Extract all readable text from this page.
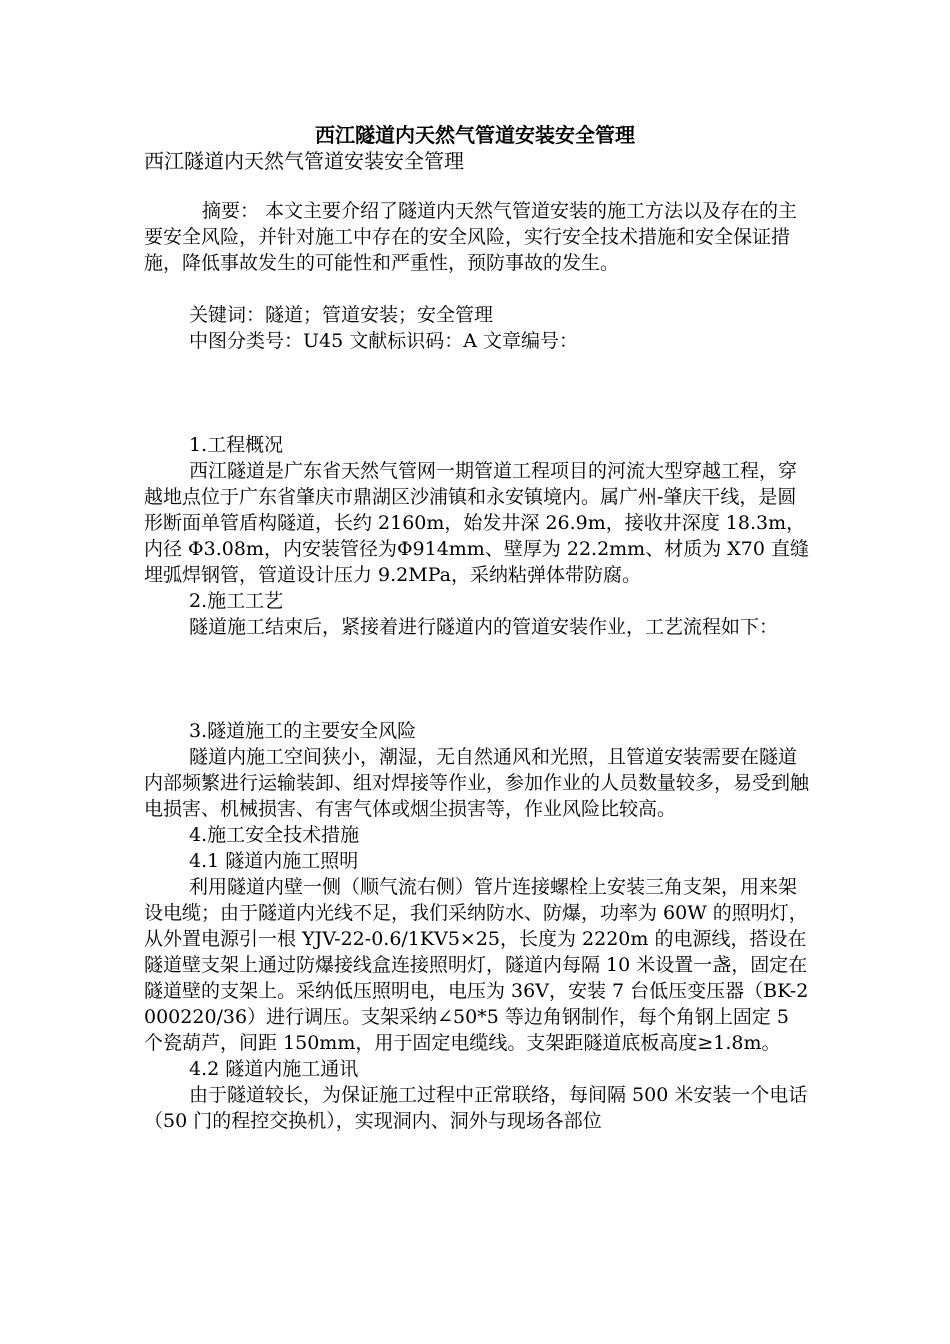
西江隧道内天然气管道安装安全管理
西江隧道内天然气管道安装安全管理

摘要： 本文主要介绍了隧道内天然气管道安装的施工方法以及存在的主要安全风险，并针对施工中存在的安全风险，实行安全技术措施和安全保证措施，降低事故发生的可能性和严重性，预防事故的发生。

关键词：隧道；管道安装；安全管理

中图分类号：U45 文献标识码：A 文章编号：

1.工程概况

西江隧道是广东省天然气管网一期管道工程项目的河流大型穿越工程，穿越地点位于广东省肇庆市鼎湖区沙浦镇和永安镇境内。属广州-肇庆干线，是圆形断面单管盾构隧道，长约 2160m，始发井深 26.9m，接收井深度 18.3m，内径 Φ3.08m，内安装管径为Φ914mm、壁厚为 22.2mm、材质为 X70 直缝埋弧焊钢管，管道设计压力 9.2MPa，采纳粘弹体带防腐。

2.施工工艺

隧道施工结束后，紧接着进行隧道内的管道安装作业，工艺流程如下：

3.隧道施工的主要安全风险

隧道内施工空间狭小，潮湿，无自然通风和光照，且管道安装需要在隧道内部频繁进行运输装卸、组对焊接等作业，参加作业的人员数量较多，易受到触电损害、机械损害、有害气体或烟尘损害等，作业风险比较高。

4.施工安全技术措施

4.1 隧道内施工照明

利用隧道内壁一侧（顺气流右侧）管片连接螺栓上安装三角支架，用来架设电缆；由于隧道内光线不足，我们采纳防水、防爆，功率为 60W 的照明灯，从外置电源引一根 YJV-22-0.6/1KV5×25，长度为 2220m 的电源线，搭设在隧道壁支架上通过防爆接线盒连接照明灯，隧道内每隔 10 米设置一盏，固定在隧道壁的支架上。采纳低压照明电，电压为 36V，安装 7 台低压变压器（BK-2000220/36）进行调压。支架采纳∠50*5 等边角钢制作，每个角钢上固定 5 个瓷葫芦，间距 150mm，用于固定电缆线。支架距隧道底板高度≥1.8m。

4.2 隧道内施工通讯

由于隧道较长，为保证施工过程中正常联络，每间隔 500 米安装一个电话（50 门的程控交换机），实现洞内、洞外与现场各部位
